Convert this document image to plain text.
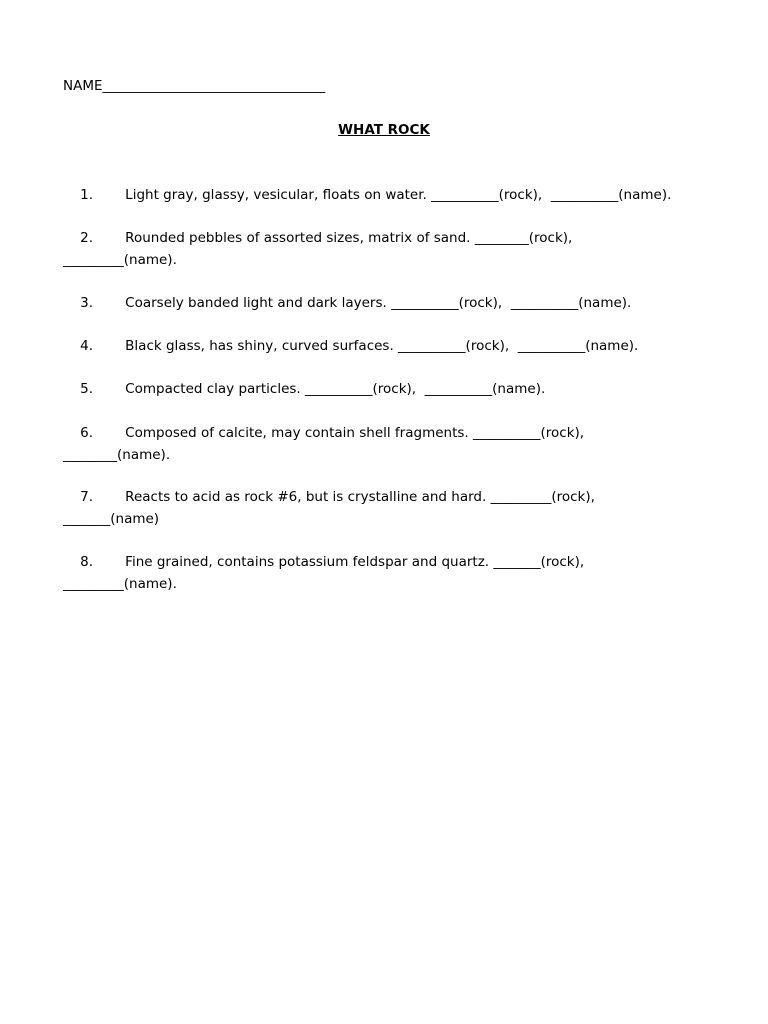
NAME_________________________________
WHAT ROCK

1. Light gray, glassy, vesicular, floats on water. __________(rock),  __________(name).

2. Rounded pebbles of assorted sizes, matrix of sand. ________(rock),
_________(name).

3. Coarsely banded light and dark layers. __________(rock),  __________(name).

4. Black glass, has shiny, curved surfaces. __________(rock),  __________(name).

5. Compacted clay particles. __________(rock),  __________(name).

6. Composed of calcite, may contain shell fragments. __________(rock),
________(name).

7. Reacts to acid as rock #6, but is crystalline and hard. _________(rock),
_______(name)

8. Fine grained, contains potassium feldspar and quartz. _______(rock),
_________(name).
